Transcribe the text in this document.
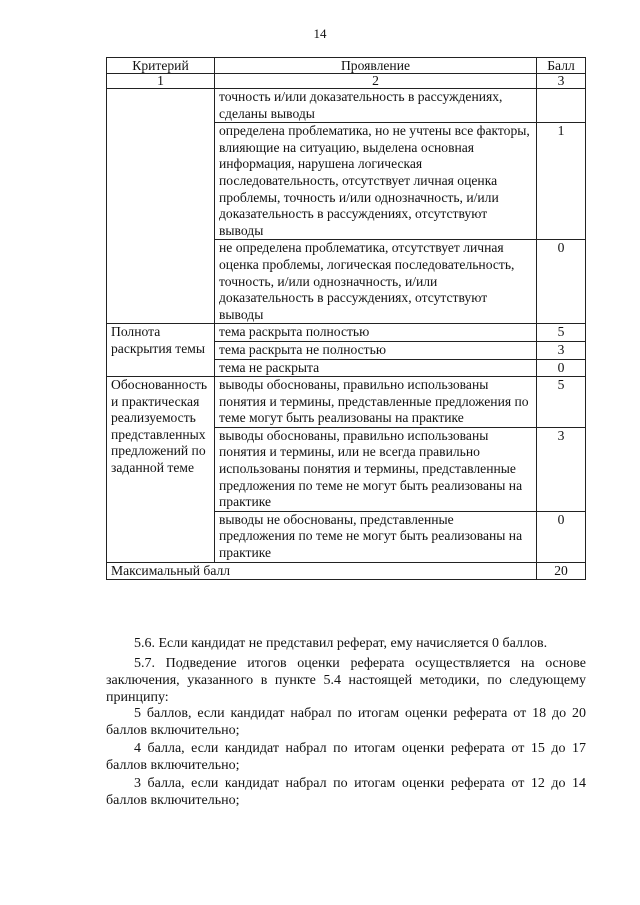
14
Критерий	Проявление	Балл
1	2	3
	точность и/или доказательность в рассуждениях, сделаны выводы	
	определена проблематика, но не учтены все факторы, влияющие на ситуацию, выделена основная информация, нарушена логическая последовательность, отсутствует личная оценка проблемы, точность и/или однозначность, и/или доказательность в рассуждениях, отсутствуют выводы	1
	не определена проблематика, отсутствует личная оценка проблемы, логическая последовательность, точность, и/или однозначность, и/или доказательность в рассуждениях, отсутствуют выводы	0
Полнота раскрытия темы	тема раскрыта полностью	5
	тема раскрыта не полностью	3
	тема не раскрыта	0
Обоснованность и практическая реализуемость представленных предложений по заданной теме	выводы обоснованы, правильно использованы понятия и термины, представленные предложения по теме могут быть реализованы на практике	5
	выводы обоснованы, правильно использованы понятия и термины, или не всегда правильно использованы понятия и термины, представленные предложения по теме не могут быть реализованы на практике	3
	выводы не обоснованы, представленные предложения по теме не могут быть реализованы на практике	0
Максимальный балл		20

5.6. Если кандидат не представил реферат, ему начисляется 0 баллов.

5.7. Подведение итогов оценки реферата осуществляется на основе заключения, указанного в пункте 5.4 настоящей методики, по следующему принципу:

5 баллов, если кандидат набрал по итогам оценки реферата от 18 до 20 баллов включительно;

4 балла, если кандидат набрал по итогам оценки реферата от 15 до 17 баллов включительно;

3 балла, если кандидат набрал по итогам оценки реферата от 12 до 14 баллов включительно;
